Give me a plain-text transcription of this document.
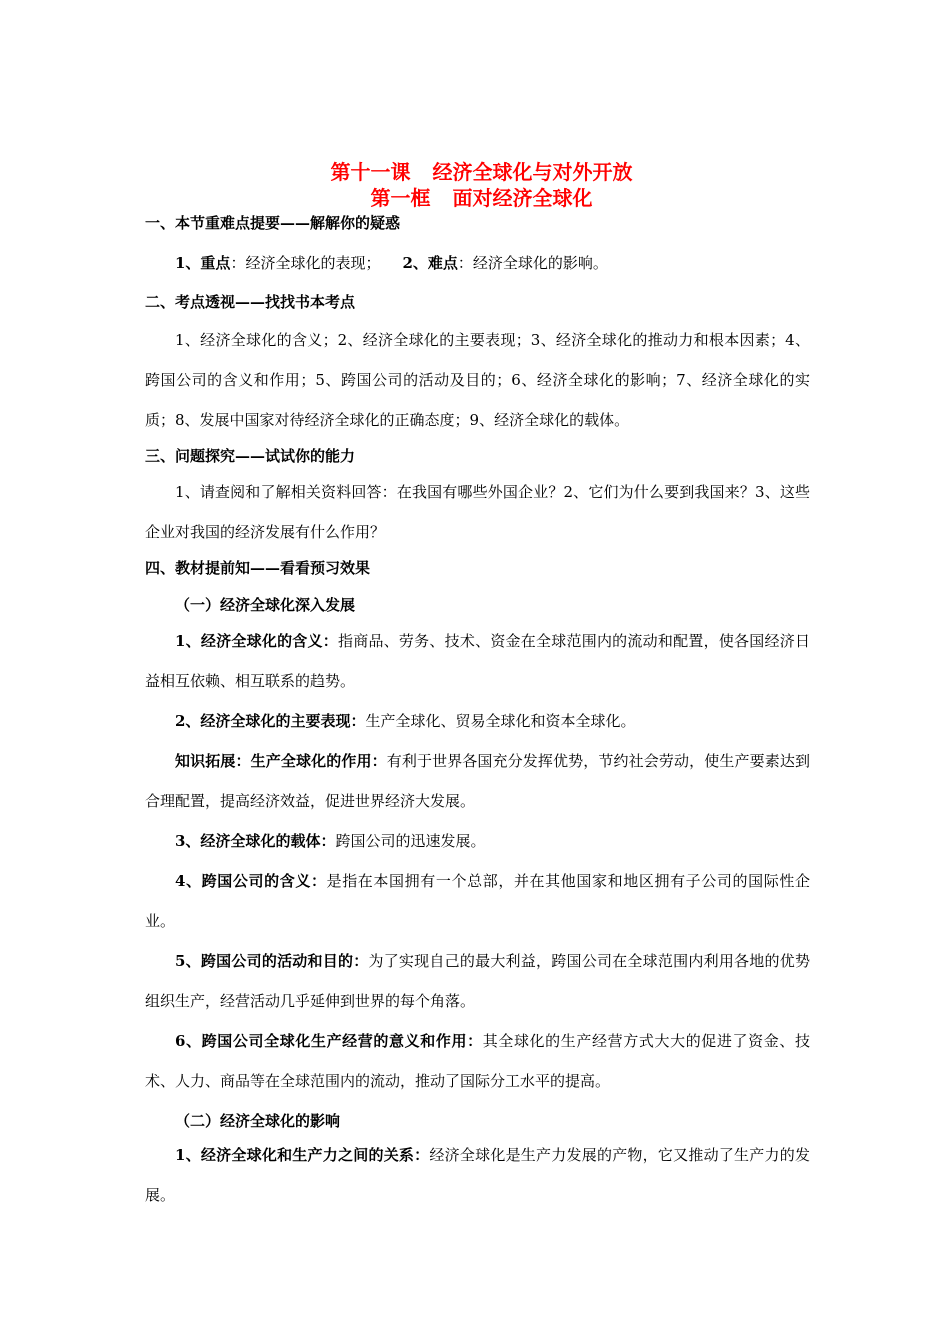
第十一课 经济全球化与对外开放
第一框 面对经济全球化

一、本节重难点提要——解解你的疑惑

1、重点：经济全球化的表现； 2、难点：经济全球化的影响。

二、考点透视——找找书本考点

1、经济全球化的含义；2、经济全球化的主要表现；3、经济全球化的推动力和根本因素；4、跨国公司的含义和作用；5、跨国公司的活动及目的；6、经济全球化的影响；7、经济全球化的实质；8、发展中国家对待经济全球化的正确态度；9、经济全球化的载体。

三、问题探究——试试你的能力

1、请查阅和了解相关资料回答：在我国有哪些外国企业？2、它们为什么要到我国来？3、这些企业对我国的经济发展有什么作用？

四、教材提前知——看看预习效果

（一）经济全球化深入发展

1、经济全球化的含义：指商品、劳务、技术、资金在全球范围内的流动和配置，使各国经济日益相互依赖、相互联系的趋势。

2、经济全球化的主要表现：生产全球化、贸易全球化和资本全球化。

知识拓展：生产全球化的作用：有利于世界各国充分发挥优势，节约社会劳动，使生产要素达到合理配置，提高经济效益，促进世界经济大发展。

3、经济全球化的载体：跨国公司的迅速发展。

4、跨国公司的含义：是指在本国拥有一个总部，并在其他国家和地区拥有子公司的国际性企业。

5、跨国公司的活动和目的：为了实现自己的最大利益，跨国公司在全球范围内利用各地的优势组织生产，经营活动几乎延伸到世界的每个角落。

6、跨国公司全球化生产经营的意义和作用：其全球化的生产经营方式大大的促进了资金、技术、人力、商品等在全球范围内的流动，推动了国际分工水平的提高。

（二）经济全球化的影响

1、经济全球化和生产力之间的关系：经济全球化是生产力发展的产物，它又推动了生产力的发展。
